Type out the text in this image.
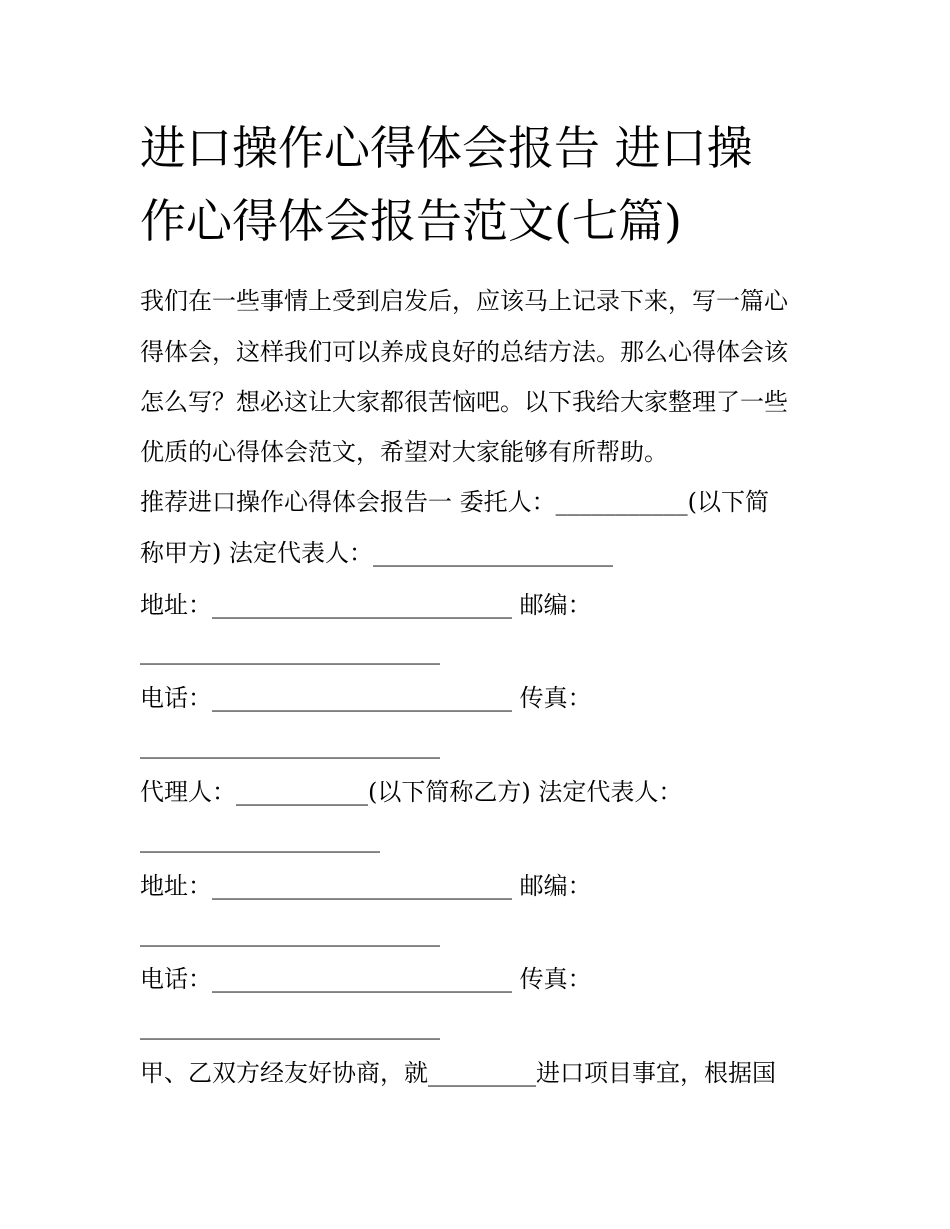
进口操作心得体会报告 进口操
作心得体会报告范文(七篇)
我们在一些事情上受到启发后，应该马上记录下来，写一篇心
得体会，这样我们可以养成良好的总结方法。那么心得体会该
怎么写？想必这让大家都很苦恼吧。以下我给大家整理了一些
优质的心得体会范文，希望对大家能够有所帮助。
推荐进口操作心得体会报告一 委托人：___________(以下简
称甲方) 法定代表人：____________________
地址：_________________________ 邮编：
_________________________
电话：_________________________ 传真：
_________________________
代理人：___________(以下简称乙方) 法定代表人：
____________________
地址：_________________________ 邮编：
_________________________
电话：_________________________ 传真：
_________________________
甲、乙双方经友好协商，就_________进口项目事宜，根据国
